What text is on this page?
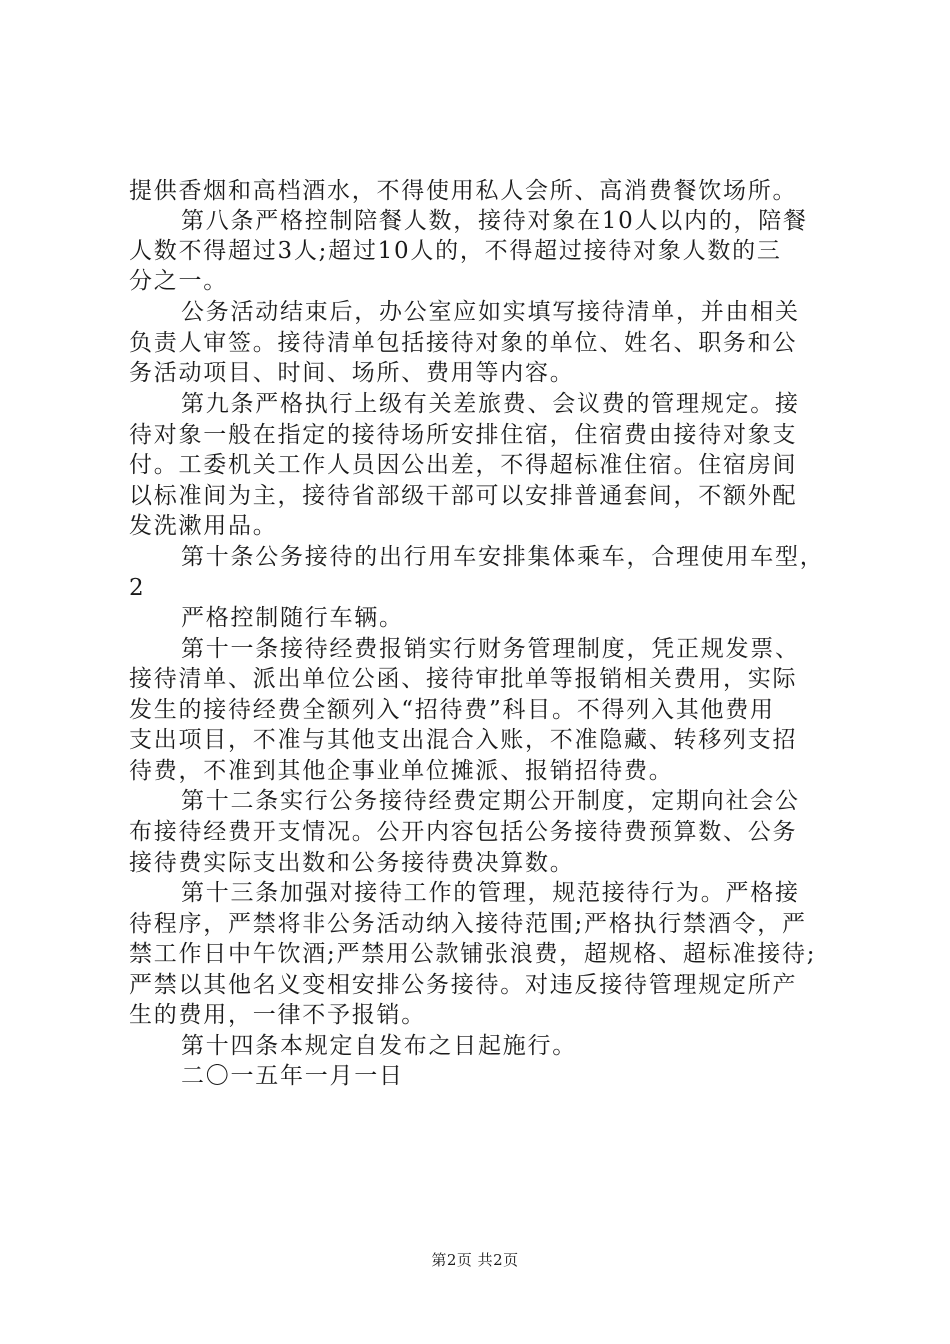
提供香烟和高档酒水，不得使用私人会所、高消费餐饮场所。
第八条严格控制陪餐人数，接待对象在10人以内的，陪餐
人数不得超过3人;超过10人的，不得超过接待对象人数的三
分之一。
公务活动结束后，办公室应如实填写接待清单，并由相关
负责人审签。接待清单包括接待对象的单位、姓名、职务和公
务活动项目、时间、场所、费用等内容。
第九条严格执行上级有关差旅费、会议费的管理规定。接
待对象一般在指定的接待场所安排住宿，住宿费由接待对象支
付。工委机关工作人员因公出差，不得超标准住宿。住宿房间
以标准间为主，接待省部级干部可以安排普通套间，不额外配
发洗漱用品。
第十条公务接待的出行用车安排集体乘车，合理使用车型，
2
严格控制随行车辆。
第十一条接待经费报销实行财务管理制度，凭正规发票、
接待清单、派出单位公函、接待审批单等报销相关费用，实际
发生的接待经费全额列入“招待费”科目。不得列入其他费用
支出项目，不准与其他支出混合入账，不准隐藏、转移列支招
待费，不准到其他企事业单位摊派、报销招待费。
第十二条实行公务接待经费定期公开制度，定期向社会公
布接待经费开支情况。公开内容包括公务接待费预算数、公务
接待费实际支出数和公务接待费决算数。
第十三条加强对接待工作的管理，规范接待行为。严格接
待程序，严禁将非公务活动纳入接待范围;严格执行禁酒令，严
禁工作日中午饮酒;严禁用公款铺张浪费，超规格、超标准接待;
严禁以其他名义变相安排公务接待。对违反接待管理规定所产
生的费用，一律不予报销。
第十四条本规定自发布之日起施行。
二〇一五年一月一日
第2页 共2页
